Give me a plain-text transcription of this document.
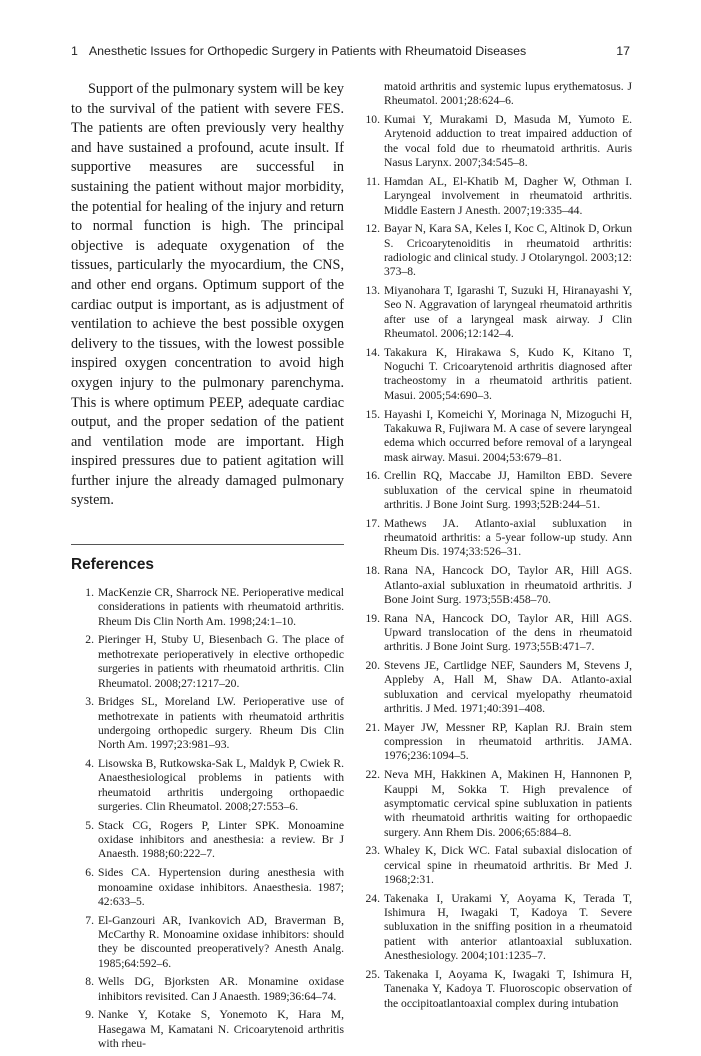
1 Anesthetic Issues for Orthopedic Surgery in Patients with Rheumatoid Diseases	17

Support of the pulmonary system will be key to the survival of the patient with severe FES. The patients are often previously very healthy and have sustained a profound, acute insult. If supportive measures are successful in sustaining the patient without major morbidity, the potential for healing of the injury and return to normal function is high. The principal objective is adequate oxygenation of the tissues, particularly the myocardium, the CNS, and other end organs. Optimum support of the cardiac output is important, as is adjustment of ventilation to achieve the best possible oxygen delivery to the tissues, with the lowest possible inspired oxygen concentration to avoid high oxygen injury to the pulmonary parenchyma. This is where optimum PEEP, adequate cardiac output, and the proper sedation of the patient and ventilation mode are important. High inspired pressures due to patient agitation will further injure the already damaged pulmonary system.

References
1. MacKenzie CR, Sharrock NE. Perioperative medical considerations in patients with rheumatoid arthritis. Rheum Dis Clin North Am. 1998;24:1–10.
2. Pieringer H, Stuby U, Biesenbach G. The place of methotrexate perioperatively in elective orthopedic surgeries in patients with rheumatoid arthritis. Clin Rheumatol. 2008;27:1217–20.
3. Bridges SL, Moreland LW. Perioperative use of methotrexate in patients with rheumatoid arthritis undergoing orthopedic surgery. Rheum Dis Clin North Am. 1997;23:981–93.
4. Lisowska B, Rutkowska-Sak L, Maldyk P, Cwiek R. Anaesthesiological problems in patients with rheumatoid arthritis undergoing orthopaedic surgeries. Clin Rheumatol. 2008;27:553–6.
5. Stack CG, Rogers P, Linter SPK. Monoamine oxidase inhibitors and anesthesia: a review. Br J Anaesth. 1988;60:222–7.
6. Sides CA. Hypertension during anesthesia with monoamine oxidase inhibitors. Anaesthesia. 1987; 42:633–5.
7. El-Ganzouri AR, Ivankovich AD, Braverman B, McCarthy R. Monoamine oxidase inhibitors: should they be discounted preoperatively? Anesth Analg. 1985;64:592–6.
8. Wells DG, Bjorksten AR. Monamine oxidase inhibitors revisited. Can J Anaesth. 1989;36:64–74.
9. Nanke Y, Kotake S, Yonemoto K, Hara M, Hasegawa M, Kamatani N. Cricoarytenoid arthritis with rheu-
matoid arthritis and systemic lupus erythematosus. J Rheumatol. 2001;28:624–6.
10. Kumai Y, Murakami D, Masuda M, Yumoto E. Arytenoid adduction to treat impaired adduction of the vocal fold due to rheumatoid arthritis. Auris Nasus Larynx. 2007;34:545–8.
11. Hamdan AL, El-Khatib M, Dagher W, Othman I. Laryngeal involvement in rheumatoid arthritis. Middle Eastern J Anesth. 2007;19:335–44.
12. Bayar N, Kara SA, Keles I, Koc C, Altinok D, Orkun S. Cricoarytenoiditis in rheumatoid arthritis: radiologic and clinical study. J Otolaryngol. 2003;12: 373–8.
13. Miyanohara T, Igarashi T, Suzuki H, Hiranayashi Y, Seo N. Aggravation of laryngeal rheumatoid arthritis after use of a laryngeal mask airway. J Clin Rheumatol. 2006;12:142–4.
14. Takakura K, Hirakawa S, Kudo K, Kitano T, Noguchi T. Cricoarytenoid arthritis diagnosed after tracheostomy in a rheumatoid arthritis patient. Masui. 2005;54:690–3.
15. Hayashi I, Komeichi Y, Morinaga N, Mizoguchi H, Takakuwa R, Fujiwara M. A case of severe laryngeal edema which occurred before removal of a laryngeal mask airway. Masui. 2004;53:679–81.
16. Crellin RQ, Maccabe JJ, Hamilton EBD. Severe subluxation of the cervical spine in rheumatoid arthritis. J Bone Joint Surg. 1993;52B:244–51.
17. Mathews JA. Atlanto-axial subluxation in rheumatoid arthritis: a 5-year follow-up study. Ann Rheum Dis. 1974;33:526–31.
18. Rana NA, Hancock DO, Taylor AR, Hill AGS. Atlanto-axial subluxation in rheumatoid arthritis. J Bone Joint Surg. 1973;55B:458–70.
19. Rana NA, Hancock DO, Taylor AR, Hill AGS. Upward translocation of the dens in rheumatoid arthritis. J Bone Joint Surg. 1973;55B:471–7.
20. Stevens JE, Cartlidge NEF, Saunders M, Stevens J, Appleby A, Hall M, Shaw DA. Atlanto-axial subluxation and cervical myelopathy rheumatoid arthritis. J Med. 1971;40:391–408.
21. Mayer JW, Messner RP, Kaplan RJ. Brain stem compression in rheumatoid arthritis. JAMA. 1976;236:1094–5.
22. Neva MH, Hakkinen A, Makinen H, Hannonen P, Kauppi M, Sokka T. High prevalence of asymptomatic cervical spine subluxation in patients with rheumatoid arthritis waiting for orthopaedic surgery. Ann Rhem Dis. 2006;65:884–8.
23. Whaley K, Dick WC. Fatal subaxial dislocation of cervical spine in rheumatoid arthritis. Br Med J. 1968;2:31.
24. Takenaka I, Urakami Y, Aoyama K, Terada T, Ishimura H, Iwagaki T, Kadoya T. Severe subluxation in the sniffing position in a rheumatoid patient with anterior atlantoaxial subluxation. Anesthesiology. 2004;101:1235–7.
25. Takenaka I, Aoyama K, Iwagaki T, Ishimura H, Tanenaka Y, Kadoya T. Fluoroscopic observation of the occipitoatlantoaxial complex during intubation
